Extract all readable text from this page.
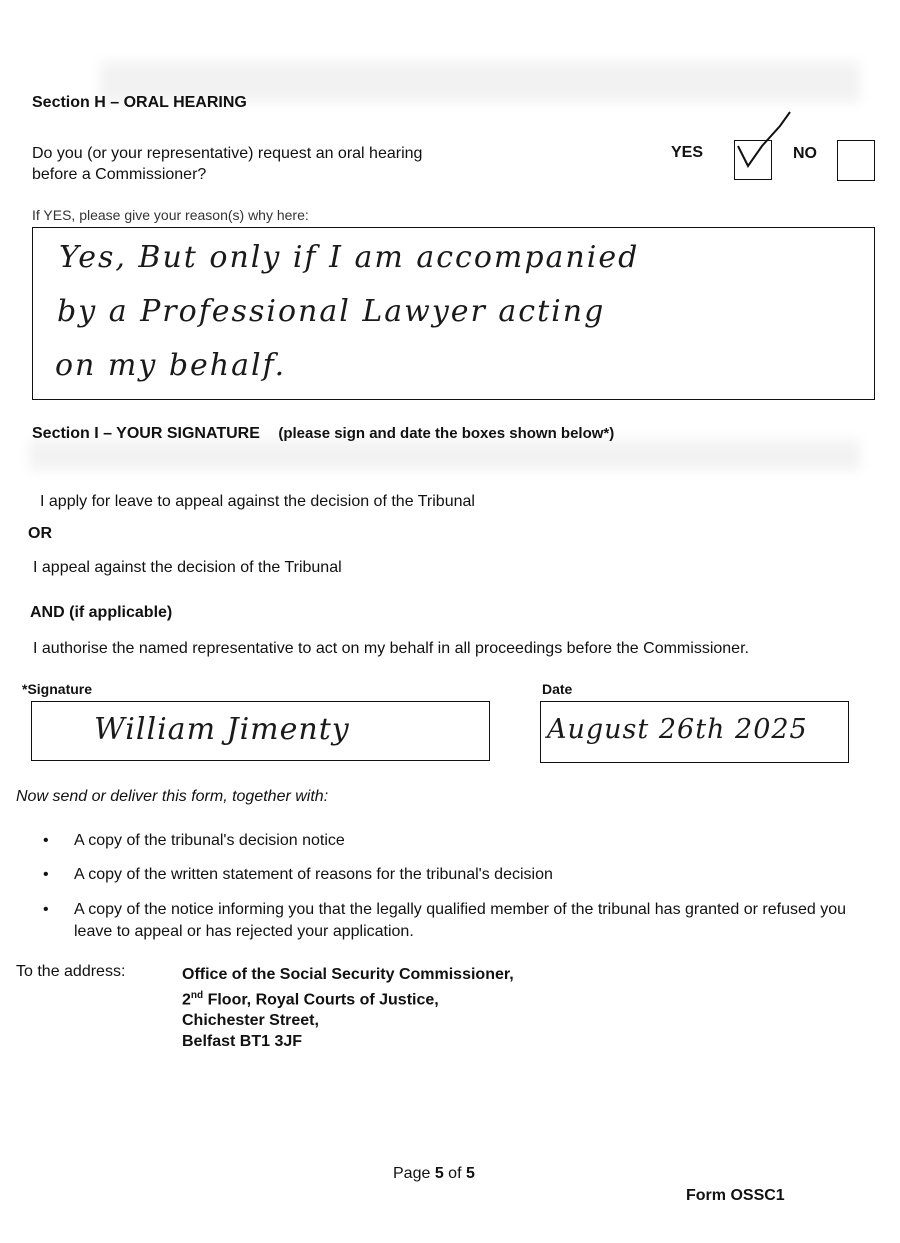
Section H – ORAL HEARING
Do you (or your representative) request an oral hearing
before a Commissioner?
YES	NO
If YES, please give your reason(s) why here:
Yes, But only if I am accompanied
by a Professional Lawyer acting
on my behalf.
Section I – YOUR SIGNATURE (please sign and date the boxes shown below*)
I apply for leave to appeal against the decision of the Tribunal
OR
I appeal against the decision of the Tribunal
AND (if applicable)
I authorise the named representative to act on my behalf in all proceedings before the Commissioner.
*Signature
William Jimenty
Date
August 26th 2025
Now send or deliver this form, together with:
• A copy of the tribunal's decision notice
• A copy of the written statement of reasons for the tribunal's decision
• A copy of the notice informing you that the legally qualified member of the tribunal has granted or refused you leave to appeal or has rejected your application.
To the address:	Office of the Social Security Commissioner,
2nd Floor, Royal Courts of Justice,
Chichester Street,
Belfast BT1 3JF
Page 5 of 5
Form OSSC1
